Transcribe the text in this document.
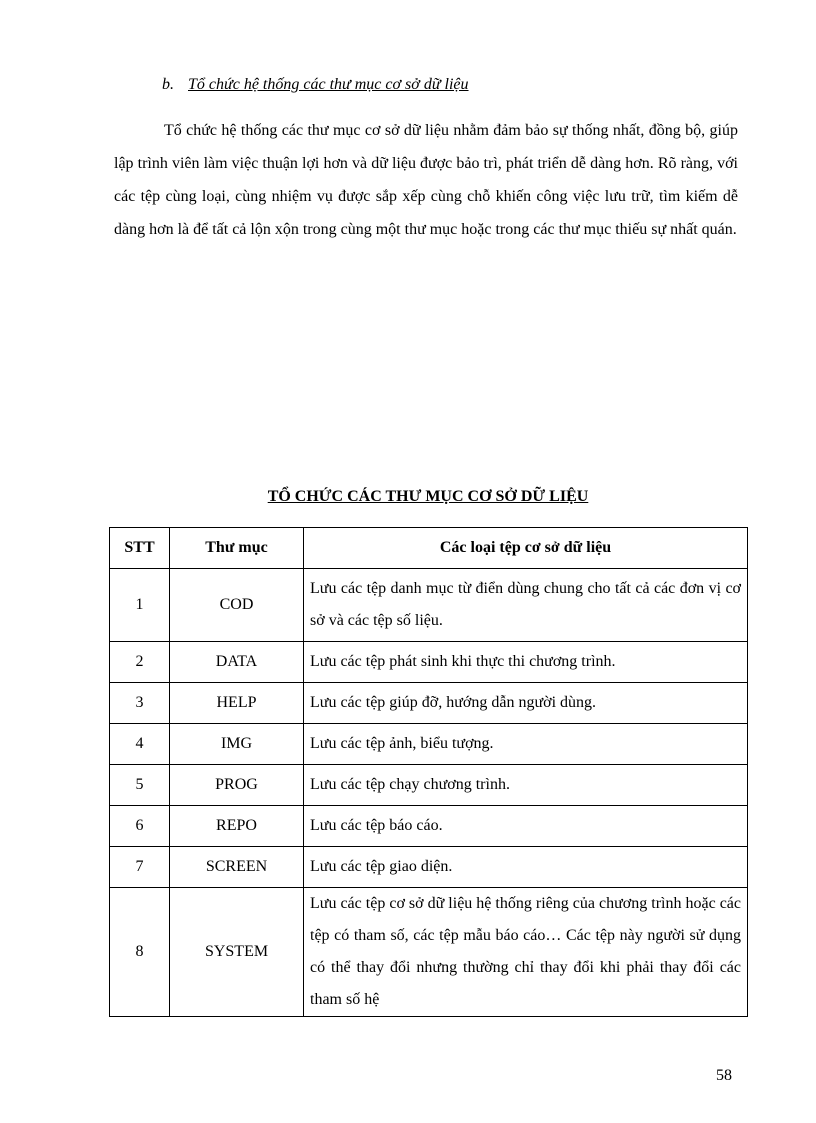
b. Tổ chức hệ thống các thư mục cơ sở dữ liệu

Tổ chức hệ thống các thư mục cơ sở dữ liệu nhằm đảm bảo sự thống nhất, đồng bộ, giúp lập trình viên làm việc thuận lợi hơn và dữ liệu được bảo trì, phát triển dễ dàng hơn. Rõ ràng, với các tệp cùng loại, cùng nhiệm vụ được sắp xếp cùng chỗ khiến công việc lưu trữ, tìm kiếm dễ dàng hơn là để tất cả lộn xộn trong cùng một thư mục hoặc trong các thư mục thiếu sự nhất quán.

TỔ CHỨC CÁC THƯ MỤC CƠ SỞ DỮ LIỆU
STT	Thư mục	Các loại tệp cơ sở dữ liệu
1	COD	Lưu các tệp danh mục từ điển dùng chung cho tất cả các đơn vị cơ sở và các tệp số liệu.
2	DATA	Lưu các tệp phát sinh khi thực thi chương trình.
3	HELP	Lưu các tệp giúp đỡ, hướng dẫn người dùng.
4	IMG	Lưu các tệp ảnh, biểu tượng.
5	PROG	Lưu các tệp chạy chương trình.
6	REPO	Lưu các tệp báo cáo.
7	SCREEN	Lưu các tệp giao diện.
8	SYSTEM	Lưu các tệp cơ sở dữ liệu hệ thống riêng của chương trình hoặc các tệp có tham số, các tệp mẫu báo cáo… Các tệp này người sử dụng có thể thay đổi nhưng thường chỉ thay đổi khi phải thay đổi các tham số hệ
58
